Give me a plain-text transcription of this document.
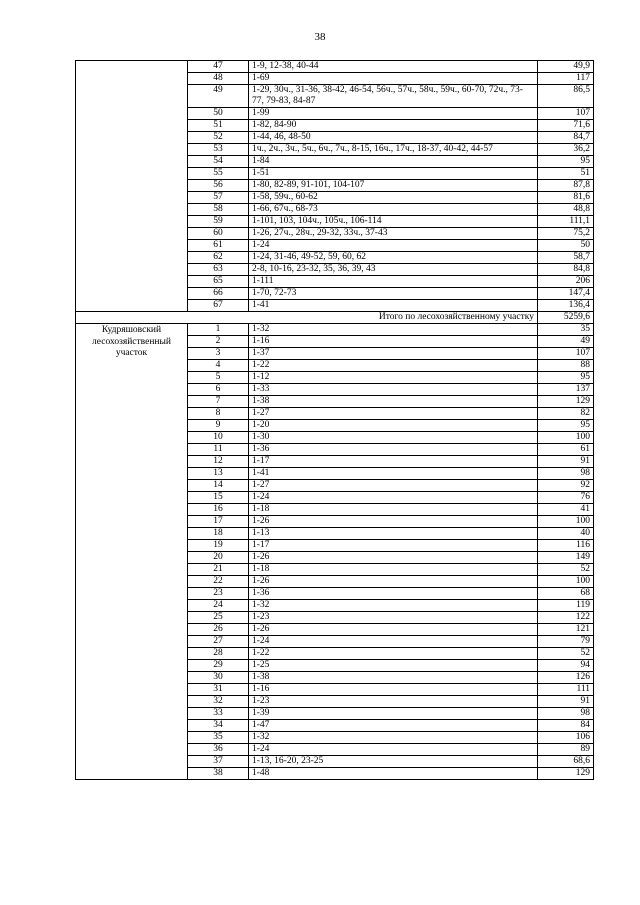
38
	47	1-9, 12-38, 40-44	49,9
	48	1-69	117
	49	1-29, 30ч., 31-36, 38-42, 46-54, 56ч., 57ч., 58ч., 59ч., 60-70, 72ч., 73-77, 79-83, 84-87	86,5
	50	1-99	107
	51	1-82, 84-90	71,6
	52	1-44, 46, 48-50	84,7
	53	1ч., 2ч., 3ч., 5ч., 6ч., 7ч., 8-15, 16ч., 17ч., 18-37, 40-42, 44-57	36,2
	54	1-84	95
	55	1-51	51
	56	1-80, 82-89, 91-101, 104-107	87,8
	57	1-58, 59ч., 60-62	81,6
	58	1-66, 67ч., 68-73	48,8
	59	1-101, 103, 104ч., 105ч., 106-114	111,1
	60	1-26, 27ч., 28ч., 29-32, 33ч., 37-43	75,2
	61	1-24	50
	62	1-24, 31-46, 49-52, 59, 60, 62	58,7
	63	2-8, 10-16, 23-32, 35, 36, 39, 43	84,8
	65	1-111	206
	66	1-70, 72-73	147,4
	67	1-41	136,4
Итого по лесохозяйственному участку			5259,6
Кудряшовский лесохозяйственный участок	1	1-32	35
	2	1-16	49
	3	1-37	107
	4	1-22	88
	5	1-12	95
	6	1-33	137
	7	1-38	129
	8	1-27	82
	9	1-20	95
	10	1-30	100
	11	1-36	61
	12	1-17	91
	13	1-41	98
	14	1-27	92
	15	1-24	76
	16	1-18	41
	17	1-26	100
	18	1-13	40
	19	1-17	116
	20	1-26	149
	21	1-18	52
	22	1-26	100
	23	1-36	68
	24	1-32	119
	25	1-23	122
	26	1-26	121
	27	1-24	79
	28	1-22	52
	29	1-25	94
	30	1-38	126
	31	1-16	111
	32	1-23	91
	33	1-39	98
	34	1-47	84
	35	1-32	106
	36	1-24	89
	37	1-13, 16-20, 23-25	68,6
	38	1-48	129
